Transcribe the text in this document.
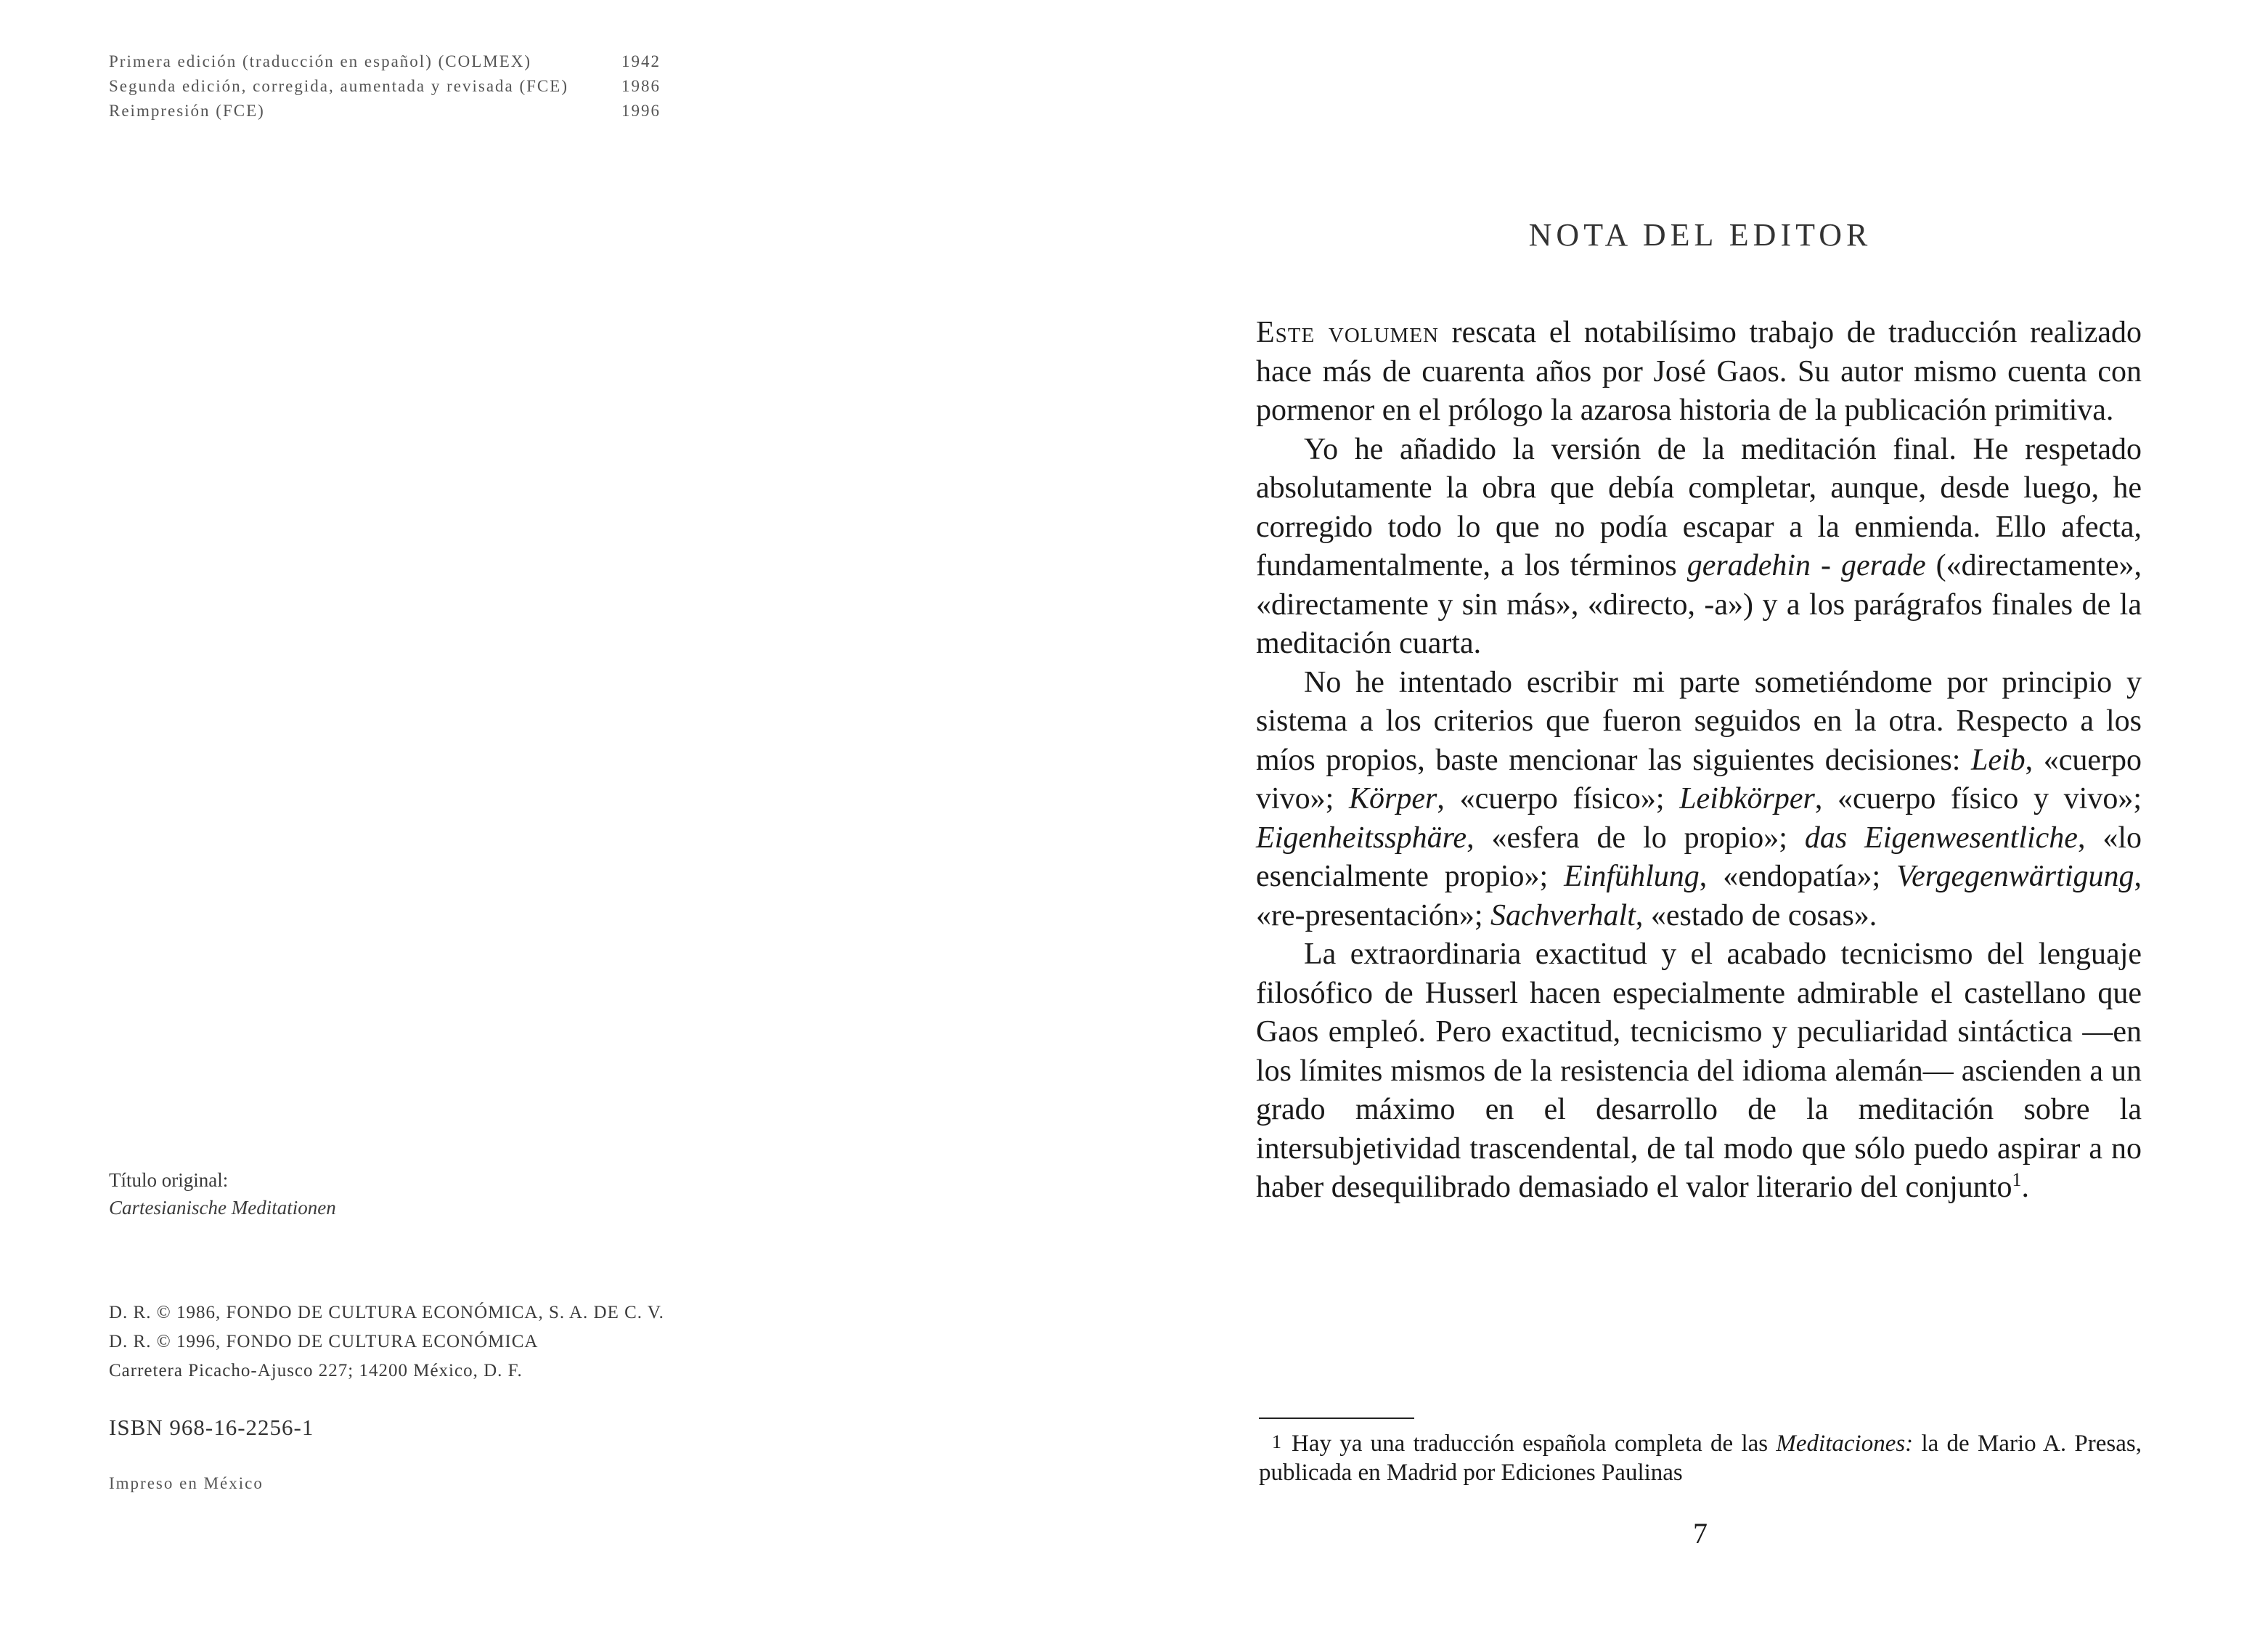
Primera edición (traducción en español) (COLMEX)	1942
Segunda edición, corregida, aumentada y revisada (FCE)	1986
Reimpresión (FCE)	1996
Título original:
Cartesianische Meditationen
D. R. © 1986, FONDO DE CULTURA ECONÓMICA, S. A. DE C. V.
D. R. © 1996, FONDO DE CULTURA ECONÓMICA
Carretera Picacho-Ajusco 227; 14200 México, D. F.
ISBN 968-16-2256-1
Impreso en México
NOTA DEL EDITOR

Este volumen rescata el notabilísimo trabajo de traducción realizado hace más de cuarenta años por José Gaos. Su autor mismo cuenta con pormenor en el prólogo la azarosa historia de la publicación primitiva.

Yo he añadido la versión de la meditación final. He respetado absolutamente la obra que debía completar, aunque, desde luego, he corregido todo lo que no podía escapar a la enmienda. Ello afecta, fundamentalmente, a los términos geradehin - gerade («directamente», «directamente y sin más», «directo, -a») y a los parágrafos finales de la meditación cuarta.

No he intentado escribir mi parte sometiéndome por principio y sistema a los criterios que fueron seguidos en la otra. Respecto a los míos propios, baste mencionar las siguientes decisiones: Leib, «cuerpo vivo»; Körper, «cuerpo físico»; Leibkörper, «cuerpo físico y vivo»; Eigenheitssphäre, «esfera de lo propio»; das Eigenwesentliche, «lo esencialmente propio»; Einfühlung, «endopatía»; Vergegenwärtigung, «re-presentación»; Sachverhalt, «estado de cosas».

La extraordinaria exactitud y el acabado tecnicismo del lenguaje filosófico de Husserl hacen especialmente admirable el castellano que Gaos empleó. Pero exactitud, tecnicismo y peculiaridad sintáctica —en los límites mismos de la resistencia del idioma alemán— ascienden a un grado máximo en el desarrollo de la meditación sobre la intersubjetividad trascendental, de tal modo que sólo puedo aspirar a no haber desequilibrado demasiado el valor literario del conjunto$^1$.

1 Hay ya una traducción española completa de las Meditaciones: la de Mario A. Presas, publicada en Madrid por Ediciones Paulinas
7
